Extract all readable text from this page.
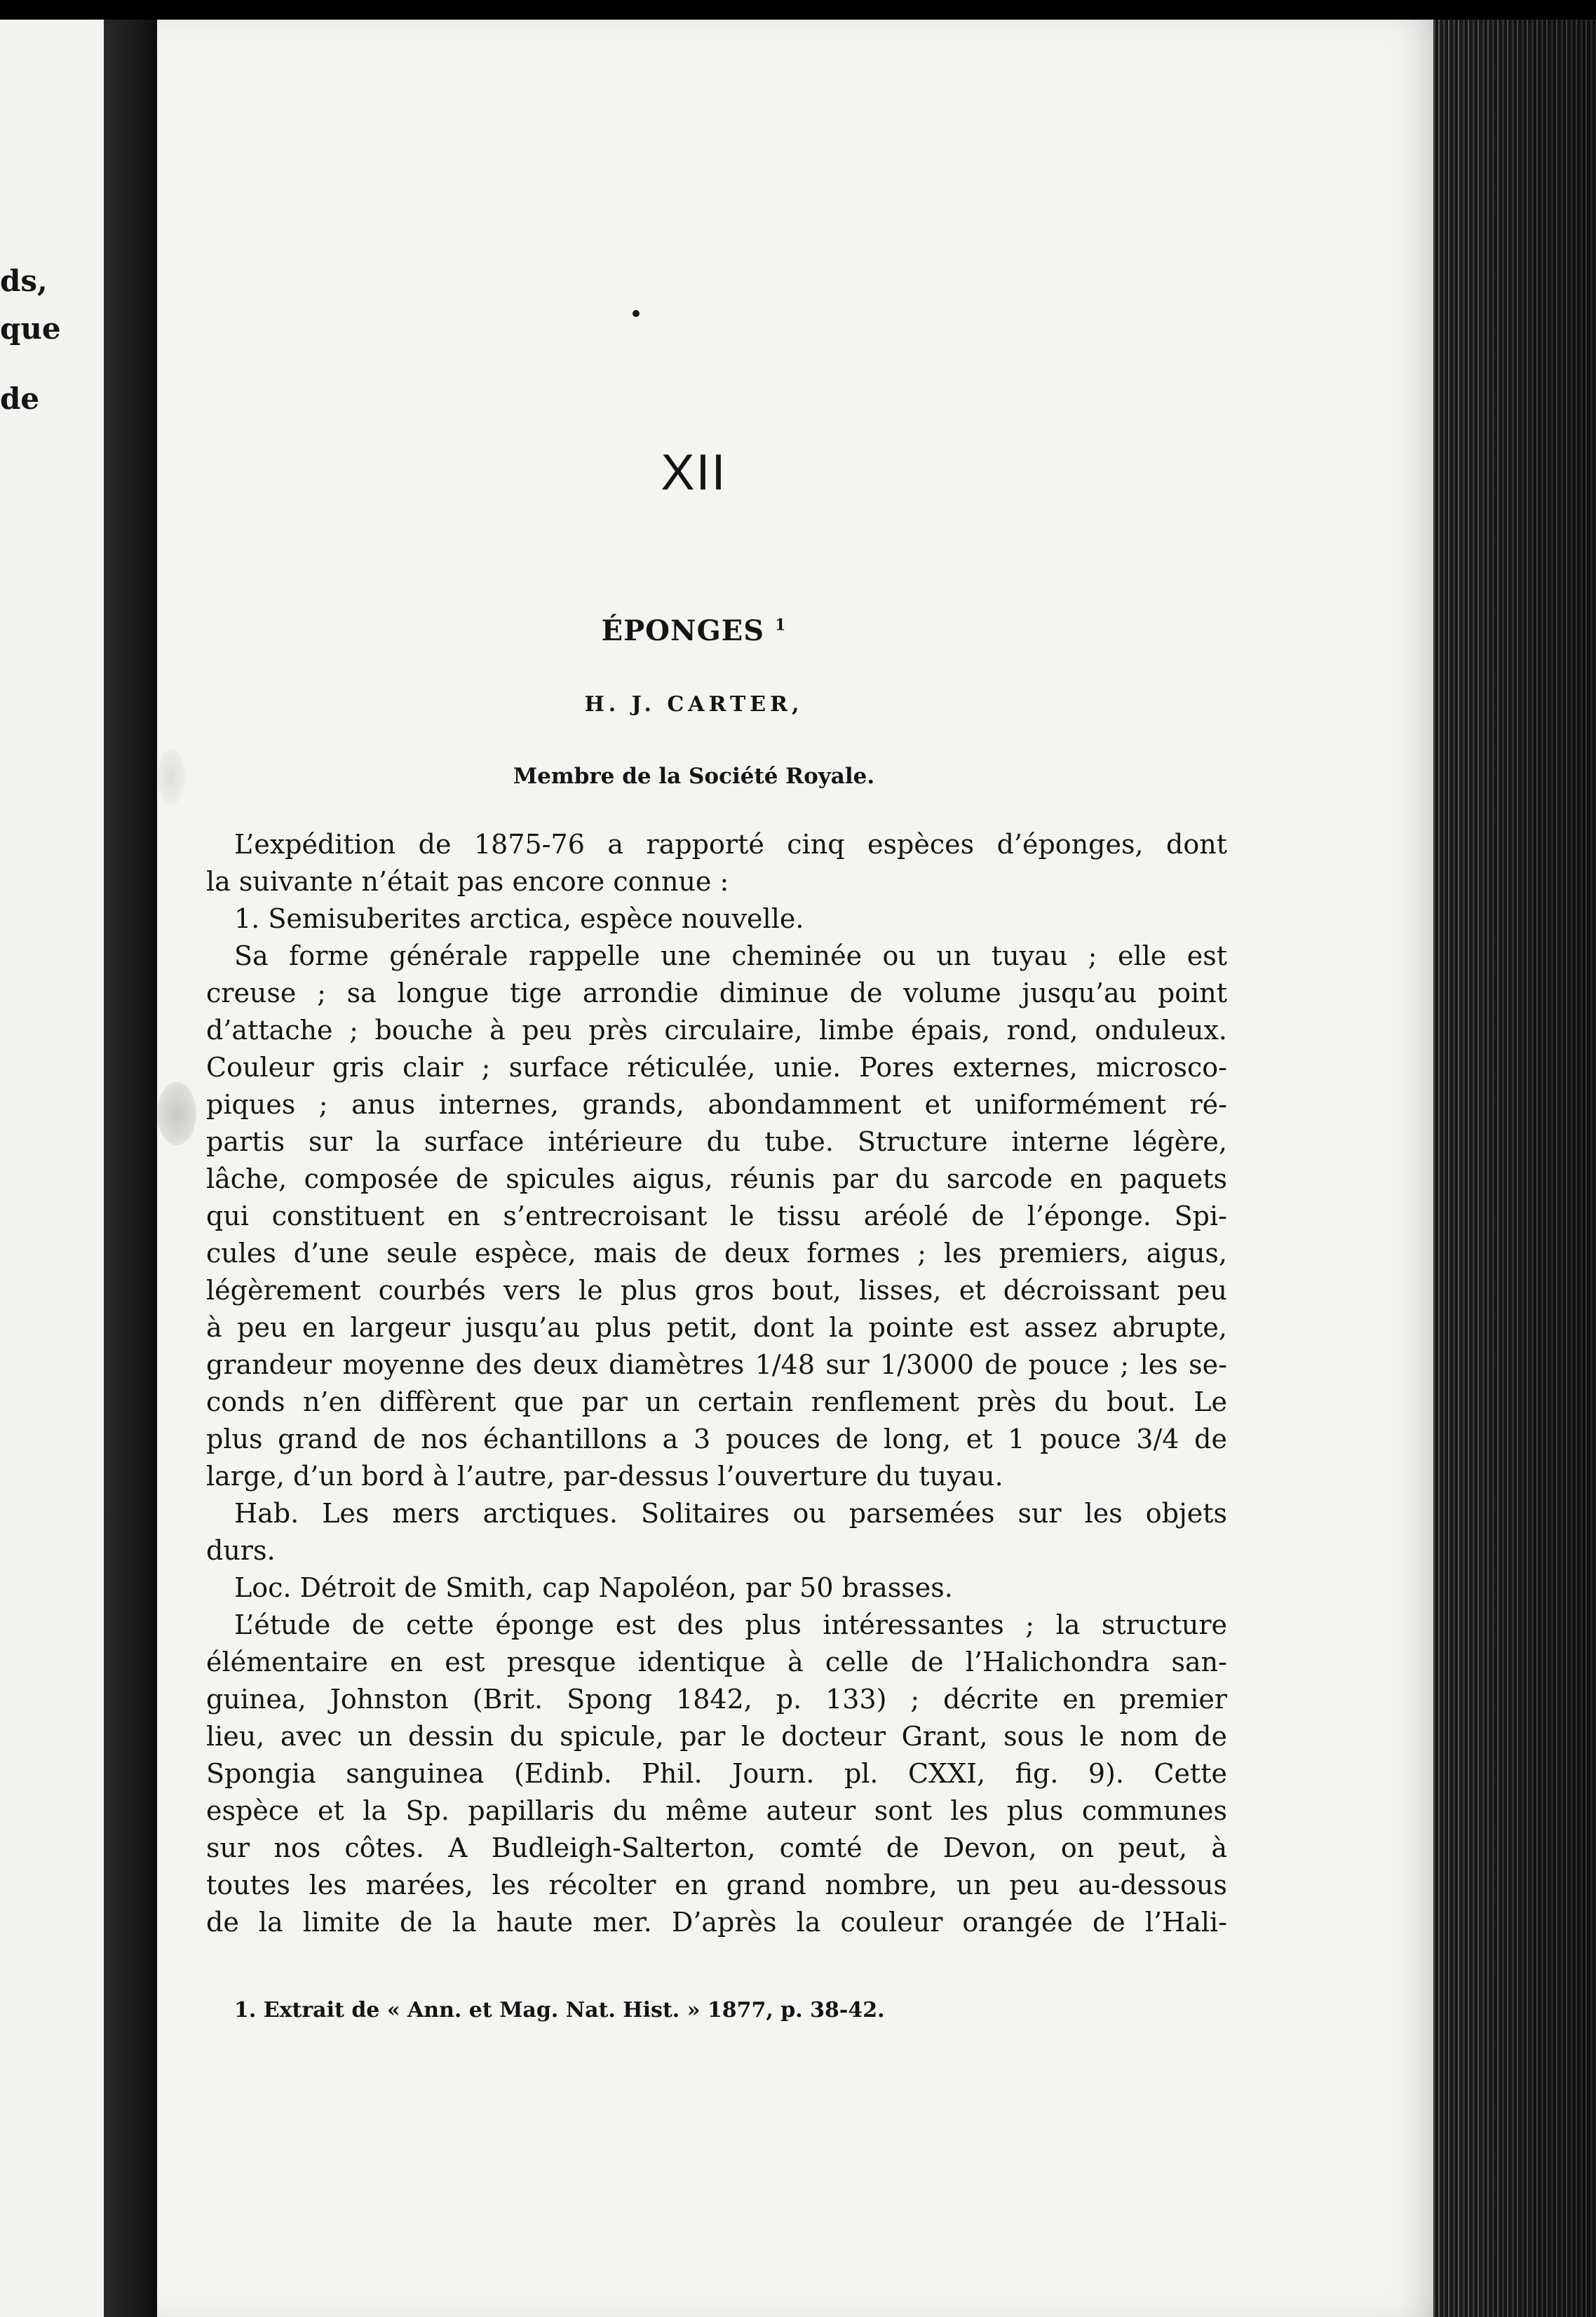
ds,
que
de
XII
ÉPONGES $^1$
H. J. CARTER,
Membre de la Société Royale.
L’expédition de 1875-76 a rapporté cinq espèces d’éponges, dont
la suivante n’était pas encore connue :
1. Semisuberites arctica, espèce nouvelle.
Sa forme générale rappelle une cheminée ou un tuyau ; elle est
creuse ; sa longue tige arrondie diminue de volume jusqu’au point
d’attache ; bouche à peu près circulaire, limbe épais, rond, onduleux.
Couleur gris clair ; surface réticulée, unie. Pores externes, microsco-
piques ; anus internes, grands, abondamment et uniformément ré-
partis sur la surface intérieure du tube. Structure interne légère,
lâche, composée de spicules aigus, réunis par du sarcode en paquets
qui constituent en s’entrecroisant le tissu aréolé de l’éponge. Spi-
cules d’une seule espèce, mais de deux formes ; les premiers, aigus,
légèrement courbés vers le plus gros bout, lisses, et décroissant peu
à peu en largeur jusqu’au plus petit, dont la pointe est assez abrupte,
grandeur moyenne des deux diamètres 1/48 sur 1/3000 de pouce ; les se-
conds n’en diffèrent que par un certain renflement près du bout. Le
plus grand de nos échantillons a 3 pouces de long, et 1 pouce 3/4 de
large, d’un bord à l’autre, par-dessus l’ouverture du tuyau.
Hab. Les mers arctiques. Solitaires ou parsemées sur les objets
durs.
Loc. Détroit de Smith, cap Napoléon, par 50 brasses.
L’étude de cette éponge est des plus intéressantes ; la structure
élémentaire en est presque identique à celle de l’Halichondra san-
guinea, Johnston (Brit. Spong 1842, p. 133) ; décrite en premier
lieu, avec un dessin du spicule, par le docteur Grant, sous le nom de
Spongia sanguinea (Edinb. Phil. Journ. pl. CXXI, fig. 9). Cette
espèce et la Sp. papillaris du même auteur sont les plus communes
sur nos côtes. A Budleigh-Salterton, comté de Devon, on peut, à
toutes les marées, les récolter en grand nombre, un peu au-dessous
de la limite de la haute mer. D’après la couleur orangée de l’Hali-
1. Extrait de « Ann. et Mag. Nat. Hist. » 1877, p. 38-42.
